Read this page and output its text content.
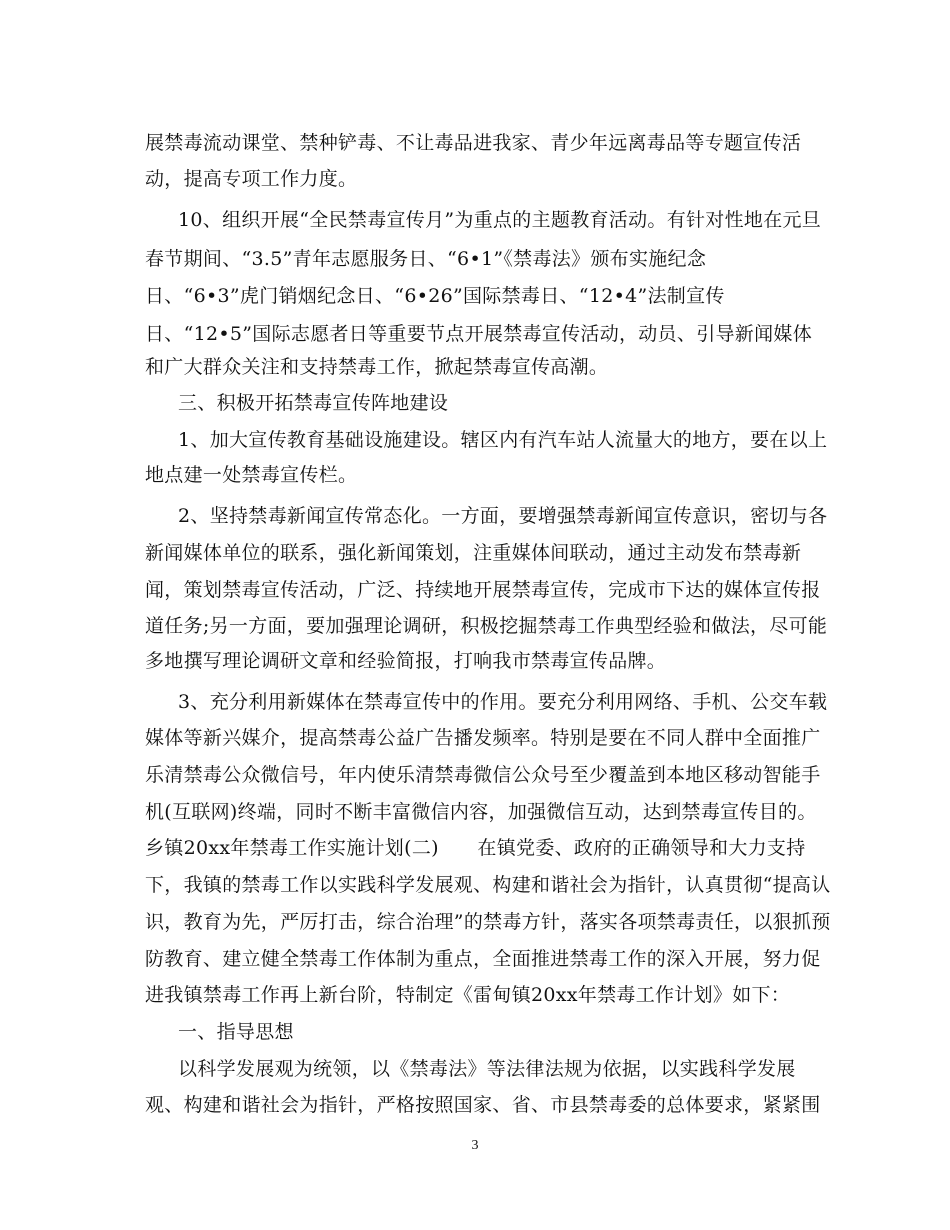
展禁毒流动课堂、禁种铲毒、不让毒品进我家、青少年远离毒品等专题宣传活
动，提高专项工作力度。
10、组织开展“全民禁毒宣传月”为重点的主题教育活动。有针对性地在元旦
春节期间、“3.5”青年志愿服务日、“6•1”《禁毒法》颁布实施纪念
日、“6•3”虎门销烟纪念日、“6•26”国际禁毒日、“12•4”法制宣传
日、“12•5”国际志愿者日等重要节点开展禁毒宣传活动，动员、引导新闻媒体
和广大群众关注和支持禁毒工作，掀起禁毒宣传高潮。
三、积极开拓禁毒宣传阵地建设
1、加大宣传教育基础设施建设。辖区内有汽车站人流量大的地方，要在以上
地点建一处禁毒宣传栏。
2、坚持禁毒新闻宣传常态化。一方面，要增强禁毒新闻宣传意识，密切与各
新闻媒体单位的联系，强化新闻策划，注重媒体间联动，通过主动发布禁毒新
闻，策划禁毒宣传活动，广泛、持续地开展禁毒宣传，完成市下达的媒体宣传报
道任务;另一方面，要加强理论调研，积极挖掘禁毒工作典型经验和做法，尽可能
多地撰写理论调研文章和经验简报，打响我市禁毒宣传品牌。
3、充分利用新媒体在禁毒宣传中的作用。要充分利用网络、手机、公交车载
媒体等新兴媒介，提高禁毒公益广告播发频率。特别是要在不同人群中全面推广
乐清禁毒公众微信号，年内使乐清禁毒微信公众号至少覆盖到本地区移动智能手
机(互联网)终端，同时不断丰富微信内容，加强微信互动，达到禁毒宣传目的。
乡镇20xx年禁毒工作实施计划(二)　　在镇党委、政府的正确领导和大力支持
下，我镇的禁毒工作以实践科学发展观、构建和谐社会为指针，认真贯彻“提高认
识，教育为先，严厉打击，综合治理”的禁毒方针，落实各项禁毒责任，以狠抓预
防教育、建立健全禁毒工作体制为重点，全面推进禁毒工作的深入开展，努力促
进我镇禁毒工作再上新台阶，特制定《雷甸镇20xx年禁毒工作计划》如下：
一、指导思想
以科学发展观为统领，以《禁毒法》等法律法规为依据，以实践科学发展
观、构建和谐社会为指针，严格按照国家、省、市县禁毒委的总体要求，紧紧围
3
